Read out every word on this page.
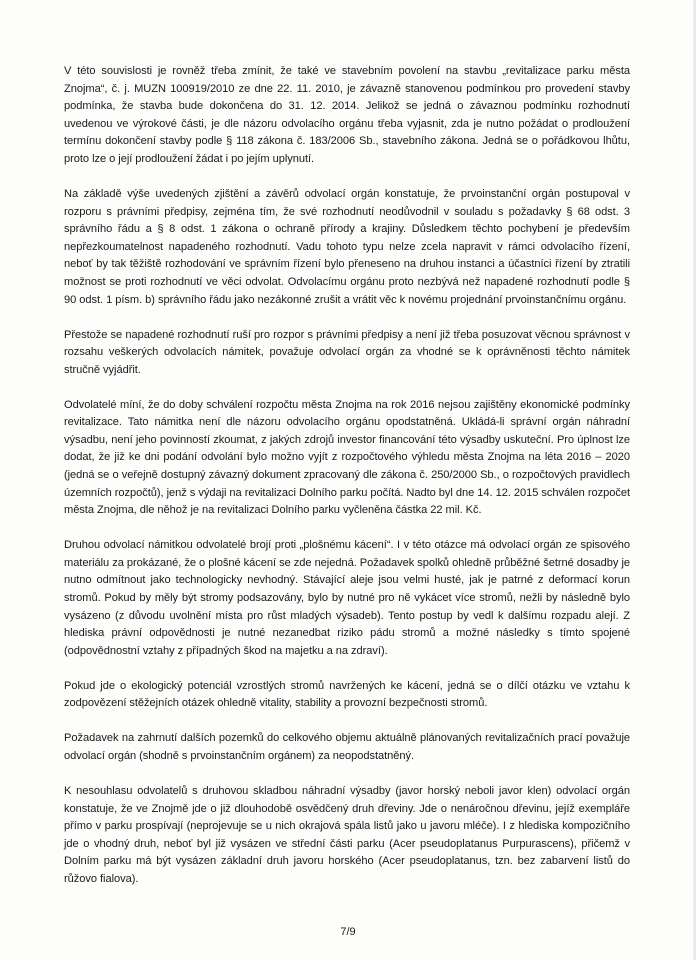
V této souvislosti je rovněž třeba zmínit, že také ve stavebním povolení na stavbu „revitalizace parku města Znojma“, č. j. MUZN 100919/2010 ze dne 22. 11. 2010, je závazně stanovenou podmínkou pro provedení stavby podmínka, že stavba bude dokončena do 31. 12. 2014. Jelikož se jedná o závaznou podmínku rozhodnutí uvedenou ve výrokové části, je dle názoru odvolacího orgánu třeba vyjasnit, zda je nutno požádat o prodloužení termínu dokončení stavby podle § 118 zákona č. 183/2006 Sb., stavebního zákona. Jedná se o pořádkovou lhůtu, proto lze o její prodloužení žádat i po jejím uplynutí.

Na základě výše uvedených zjištění a závěrů odvolací orgán konstatuje, že prvoinstanční orgán postupoval v rozporu s právními předpisy, zejména tím, že své rozhodnutí neodůvodnil v souladu s požadavky § 68 odst. 3 správního řádu a § 8 odst. 1 zákona o ochraně přírody a krajiny. Důsledkem těchto pochybení je především nepřezkoumatelnost napadeného rozhodnutí. Vadu tohoto typu nelze zcela napravit v rámci odvolacího řízení, neboť by tak těžiště rozhodování ve správním řízení bylo přeneseno na druhou instanci a účastníci řízení by ztratili možnost se proti rozhodnutí ve věci odvolat. Odvolacímu orgánu proto nezbývá než napadené rozhodnutí podle § 90 odst. 1 písm. b) správního řádu jako nezákonné zrušit a vrátit věc k novému projednání prvoinstančnímu orgánu.

Přestože se napadené rozhodnutí ruší pro rozpor s právními předpisy a není již třeba posuzovat věcnou správnost v rozsahu veškerých odvolacích námitek, považuje odvolací orgán za vhodné se k oprávněnosti těchto námitek stručně vyjádřit.

Odvolatelé míní, že do doby schválení rozpočtu města Znojma na rok 2016 nejsou zajištěny ekonomické podmínky revitalizace. Tato námitka není dle názoru odvolacího orgánu opodstatněná. Ukládá-li správní orgán náhradní výsadbu, není jeho povinností zkoumat, z jakých zdrojů investor financování této výsadby uskuteční. Pro úplnost lze dodat, že již ke dni podání odvolání bylo možno vyjít z rozpočtového výhledu města Znojma na léta 2016 – 2020 (jedná se o veřejně dostupný závazný dokument zpracovaný dle zákona č. 250/2000 Sb., o rozpočtových pravidlech územních rozpočtů), jenž s výdaji na revitalizaci Dolního parku počítá. Nadto byl dne 14. 12. 2015 schválen rozpočet města Znojma, dle něhož je na revitalizaci Dolního parku vyčleněna částka 22 mil. Kč.

Druhou odvolací námitkou odvolatelé brojí proti „plošnému kácení“. I v této otázce má odvolací orgán ze spisového materiálu za prokázané, že o plošné kácení se zde nejedná. Požadavek spolků ohledně průběžné šetrné dosadby je nutno odmítnout jako technologicky nevhodný. Stávající aleje jsou velmi husté, jak je patrné z deformací korun stromů. Pokud by měly být stromy podsazovány, bylo by nutné pro ně vykácet více stromů, nežli by následně bylo vysázeno (z důvodu uvolnění místa pro růst mladých výsadeb). Tento postup by vedl k dalšímu rozpadu alejí. Z hlediska právní odpovědnosti je nutné nezanedbat riziko pádu stromů a možné následky s tímto spojené (odpovědnostní vztahy z případných škod na majetku a na zdraví).

Pokud jde o ekologický potenciál vzrostlých stromů navržených ke kácení, jedná se o dílčí otázku ve vztahu k zodpovězení stěžejních otázek ohledně vitality, stability a provozní bezpečnosti stromů.

Požadavek na zahrnutí dalších pozemků do celkového objemu aktuálně plánovaných revitalizačních prací považuje odvolací orgán (shodně s prvoinstančním orgánem) za neopodstatněný.

K nesouhlasu odvolatelů s druhovou skladbou náhradní výsadby (javor horský neboli javor klen) odvolací orgán konstatuje, že ve Znojmě jde o již dlouhodobě osvědčený druh dřeviny. Jde o nenáročnou dřevinu, jejíž exempláře přímo v parku prospívají (neprojevuje se u nich okrajová spála listů jako u javoru mléče). I z hlediska kompozičního jde o vhodný druh, neboť byl již vysázen ve střední části parku (Acer pseudoplatanus Purpurascens), přičemž v Dolním parku má být vysázen základní druh javoru horského (Acer pseudoplatanus, tzn. bez zabarvení listů do růžovo fialova).

7/9
